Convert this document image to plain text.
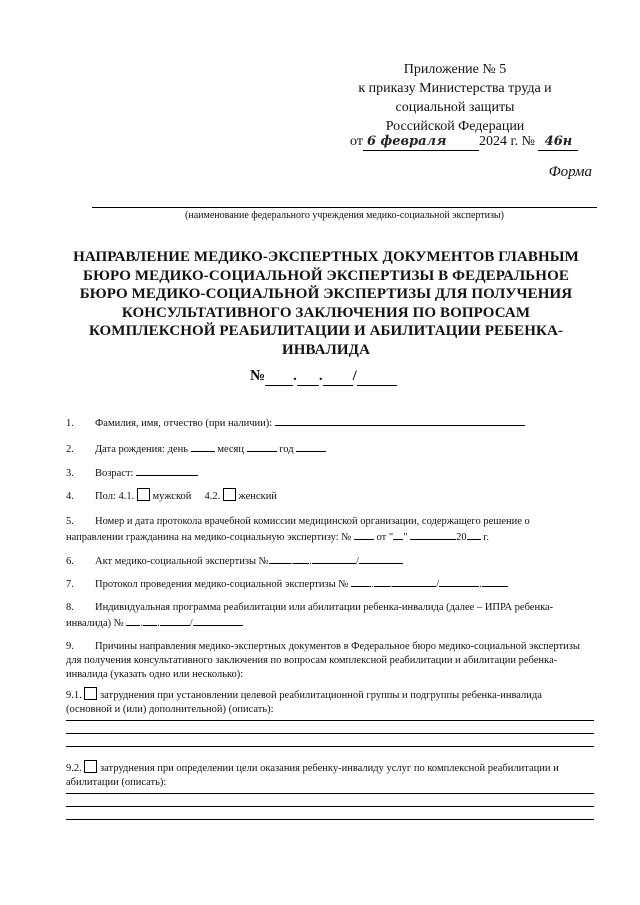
Приложение № 5
к приказу Министерства труда и
социальной защиты
Российской Федерации
от 6 февраля 2024 г. № 46н
Форма
(наименование федерального учреждения медико-социальной экспертизы)
НАПРАВЛЕНИЕ МЕДИКО-ЭКСПЕРТНЫХ ДОКУМЕНТОВ ГЛАВНЫМ БЮРО МЕДИКО-СОЦИАЛЬНОЙ ЭКСПЕРТИЗЫ В ФЕДЕРАЛЬНОЕ БЮРО МЕДИКО-СОЦИАЛЬНОЙ ЭКСПЕРТИЗЫ ДЛЯ ПОЛУЧЕНИЯ КОНСУЛЬТАТИВНОГО ЗАКЛЮЧЕНИЯ ПО ВОПРОСАМ КОМПЛЕКСНОЙ РЕАБИЛИТАЦИИ И АБИЛИТАЦИИ РЕБЕНКА-ИНВАЛИДА
№ . . /
1. Фамилия, имя, отчество (при наличии):
2. Дата рождения: день	месяц	год
3. Возраст:
4. Пол: 4.1. мужской 4.2. женский
5. Номер и дата протокола врачебной комиссии медицинской организации, содержащего решение о
направлении гражданина на медико-социальную экспертизу: № от " "	20 г.
6. Акт медико-социальной экспертизы № . .	/
7. Протокол проведения медико-социальной экспертизы № . .	/	.
8. Индивидуальная программа реабилитации или абилитации ребенка-инвалида (далее – ИПРА ребенка-
инвалида) № . .	/
9. Причины направления медико-экспертных документов в Федеральное бюро медико-социальной экспертизы
для получения консультативного заключения по вопросам комплексной реабилитации и абилитации ребенка-
инвалида (указать одно или несколько):
9.1. затруднения при установлении целевой реабилитационной группы и подгруппы ребенка-инвалида
(основной и (или) дополнительной) (описать):
9.2. затруднения при определении цели оказания ребенку-инвалиду услуг по комплексной реабилитации и
абилитации (описать):
